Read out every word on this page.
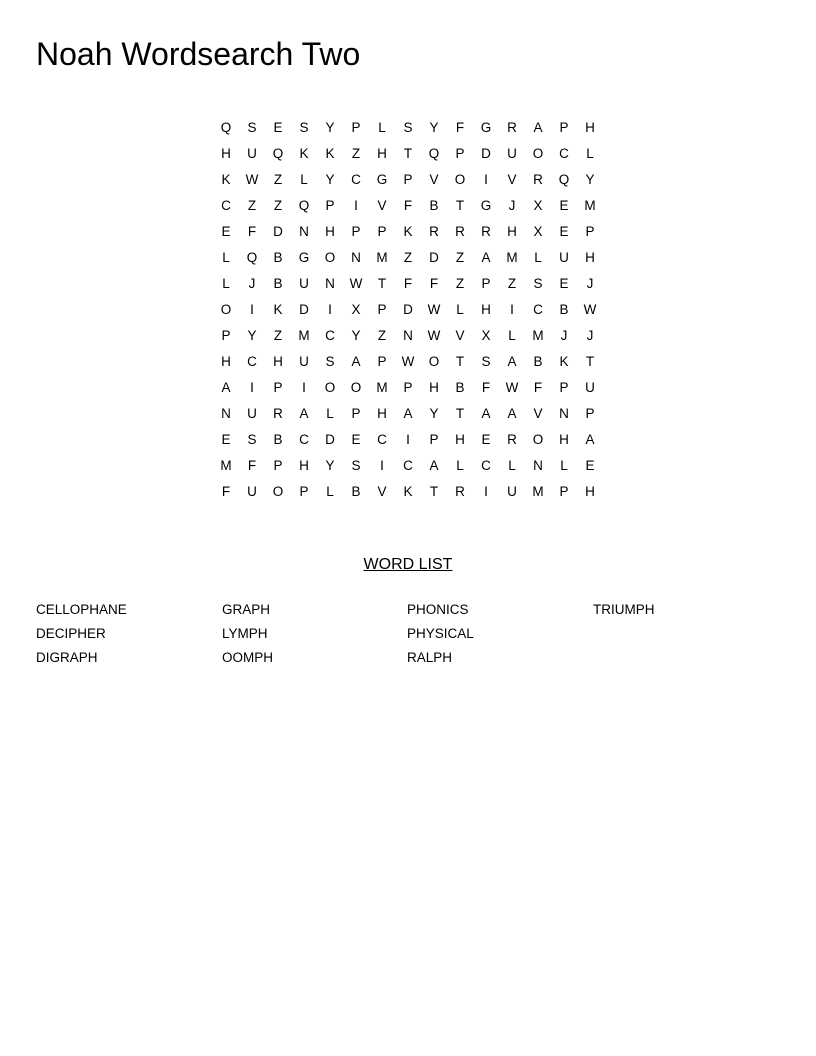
Noah Wordsearch Two
Q	S	E	S	Y	P	L	S	Y	F	G	R	A	P	H
H	U	Q	K	K	Z	H	T	Q	P	D	U	O	C	L
K	W	Z	L	Y	C	G	P	V	O	I	V	R	Q	Y
C	Z	Z	Q	P	I	V	F	B	T	G	J	X	E	M
E	F	D	N	H	P	P	K	R	R	R	H	X	E	P
L	Q	B	G	O	N	M	Z	D	Z	A	M	L	U	H
L	J	B	U	N	W	T	F	F	Z	P	Z	S	E	J
O	I	K	D	I	X	P	D	W	L	H	I	C	B	W
P	Y	Z	M	C	Y	Z	N	W	V	X	L	M	J	J
H	C	H	U	S	A	P	W	O	T	S	A	B	K	T
A	I	P	I	O	O	M	P	H	B	F	W	F	P	U
N	U	R	A	L	P	H	A	Y	T	A	A	V	N	P
E	S	B	C	D	E	C	I	P	H	E	R	O	H	A
M	F	P	H	Y	S	I	C	A	L	C	L	N	L	E
F	U	O	P	L	B	V	K	T	R	I	U	M	P	H
WORD LIST
CELLOPHANE
DECIPHER
DIGRAPH
GRAPH
LYMPH
OOMPH
PHONICS
PHYSICAL
RALPH
TRIUMPH
